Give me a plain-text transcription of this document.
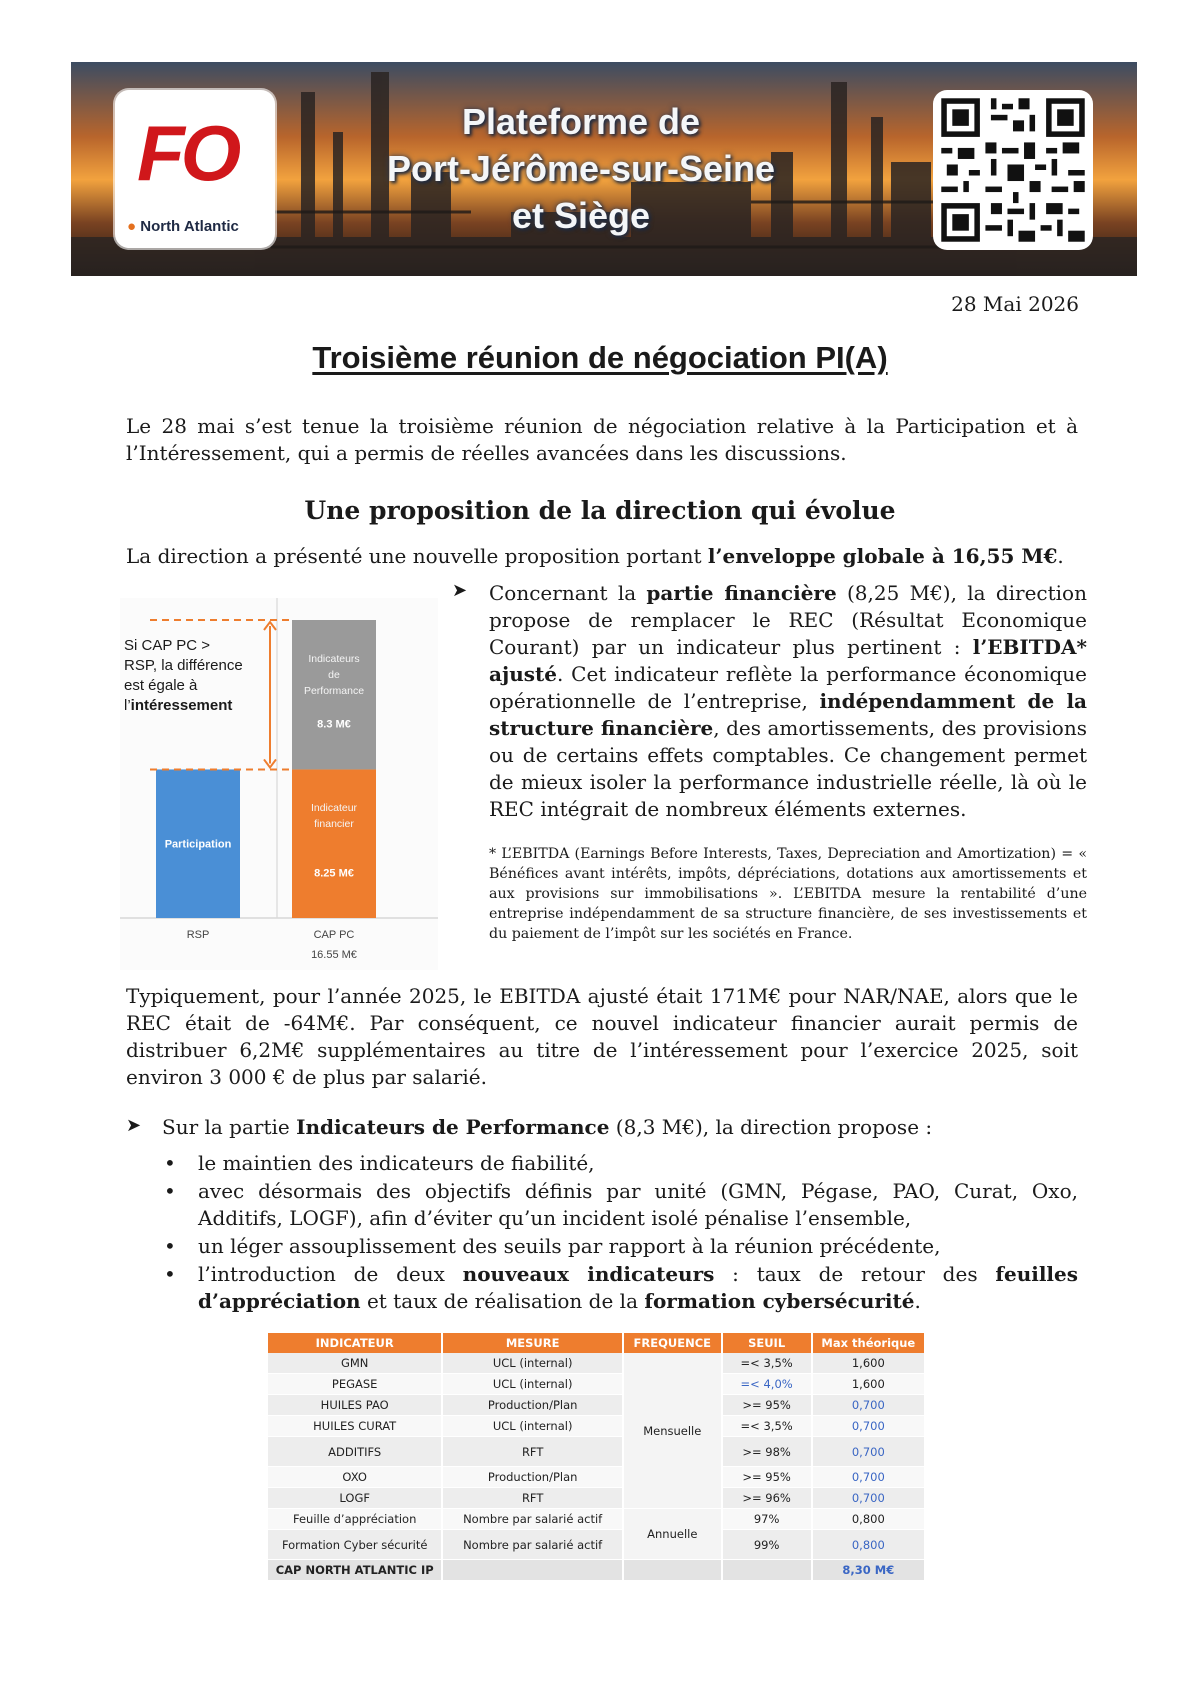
FO
● North Atlantic
Plateforme de
Port-Jérôme-sur-Seine
et Siège
28 Mai 2026
Troisième réunion de négociation PI(A)
Le 28 mai s’est tenue la troisième réunion de négociation relative à la Participation et à l’Intéressement, qui a permis de réelles avancées dans les discussions.
Une proposition de la direction qui évolue
La direction a présenté une nouvelle proposition portant l’enveloppe globale à 16,55 M€.
Participation
Indicateur
financier
8.25 M€
Indicateurs
de
Performance
8.3 M€
Si CAP PC >
RSP, la différence
est égale à
l’intéressement
RSP	CAP PC
16.55 M€
➤ Concernant la partie financière (8,25 M€), la direction propose de remplacer le REC (Résultat Economique Courant) par un indicateur plus pertinent : l’EBITDA* ajusté. Cet indicateur reflète la performance économique opérationnelle de l’entreprise, indépendamment de la structure financière, des amortissements, des provisions ou de certains effets comptables. Ce changement permet de mieux isoler la performance industrielle réelle, là où le REC intégrait de nombreux éléments externes.
* L’EBITDA (Earnings Before Interests, Taxes, Depreciation and Amortization) = « Bénéfices avant intérêts, impôts, dépréciations, dotations aux amortissements et aux provisions sur immobilisations ». L’EBITDA mesure la rentabilité d’une entreprise indépendamment de sa structure financière, de ses investissements et du paiement de l’impôt sur les sociétés en France.
Typiquement, pour l’année 2025, le EBITDA ajusté était 171M€ pour NAR/NAE, alors que le REC était de -64M€. Par conséquent, ce nouvel indicateur financier aurait permis de distribuer 6,2M€ supplémentaires au titre de l’intéressement pour l’exercice 2025, soit environ 3 000 € de plus par salarié.
➤ Sur la partie Indicateurs de Performance (8,3 M€), la direction propose :
• le maintien des indicateurs de fiabilité,
• avec désormais des objectifs définis par unité (GMN, Pégase, PAO, Curat, Oxo, Additifs, LOGF), afin d’éviter qu’un incident isolé pénalise l’ensemble,
• un léger assouplissement des seuils par rapport à la réunion précédente,
• l’introduction de deux nouveaux indicateurs : taux de retour des feuilles d’appréciation et taux de réalisation de la formation cybersécurité.
INDICATEUR	MESURE	FREQUENCE	SEUIL	Max théorique
GMN	UCL (internal)	Mensuelle	=< 3,5%	1,600
PEGASE	UCL (internal)		=< 4,0%	1,600
HUILES PAO	Production/Plan		>= 95%	0,700
HUILES CURAT	UCL (internal)		=< 3,5%	0,700
ADDITIFS	RFT		>= 98%	0,700
OXO	Production/Plan		>= 95%	0,700
LOGF	RFT		>= 96%	0,700
Feuille d’appréciation	Nombre par salarié actif	Annuelle	97%	0,800
Formation Cyber sécurité	Nombre par salarié actif		99%	0,800
CAP NORTH ATLANTIC IP				8,30 M€
